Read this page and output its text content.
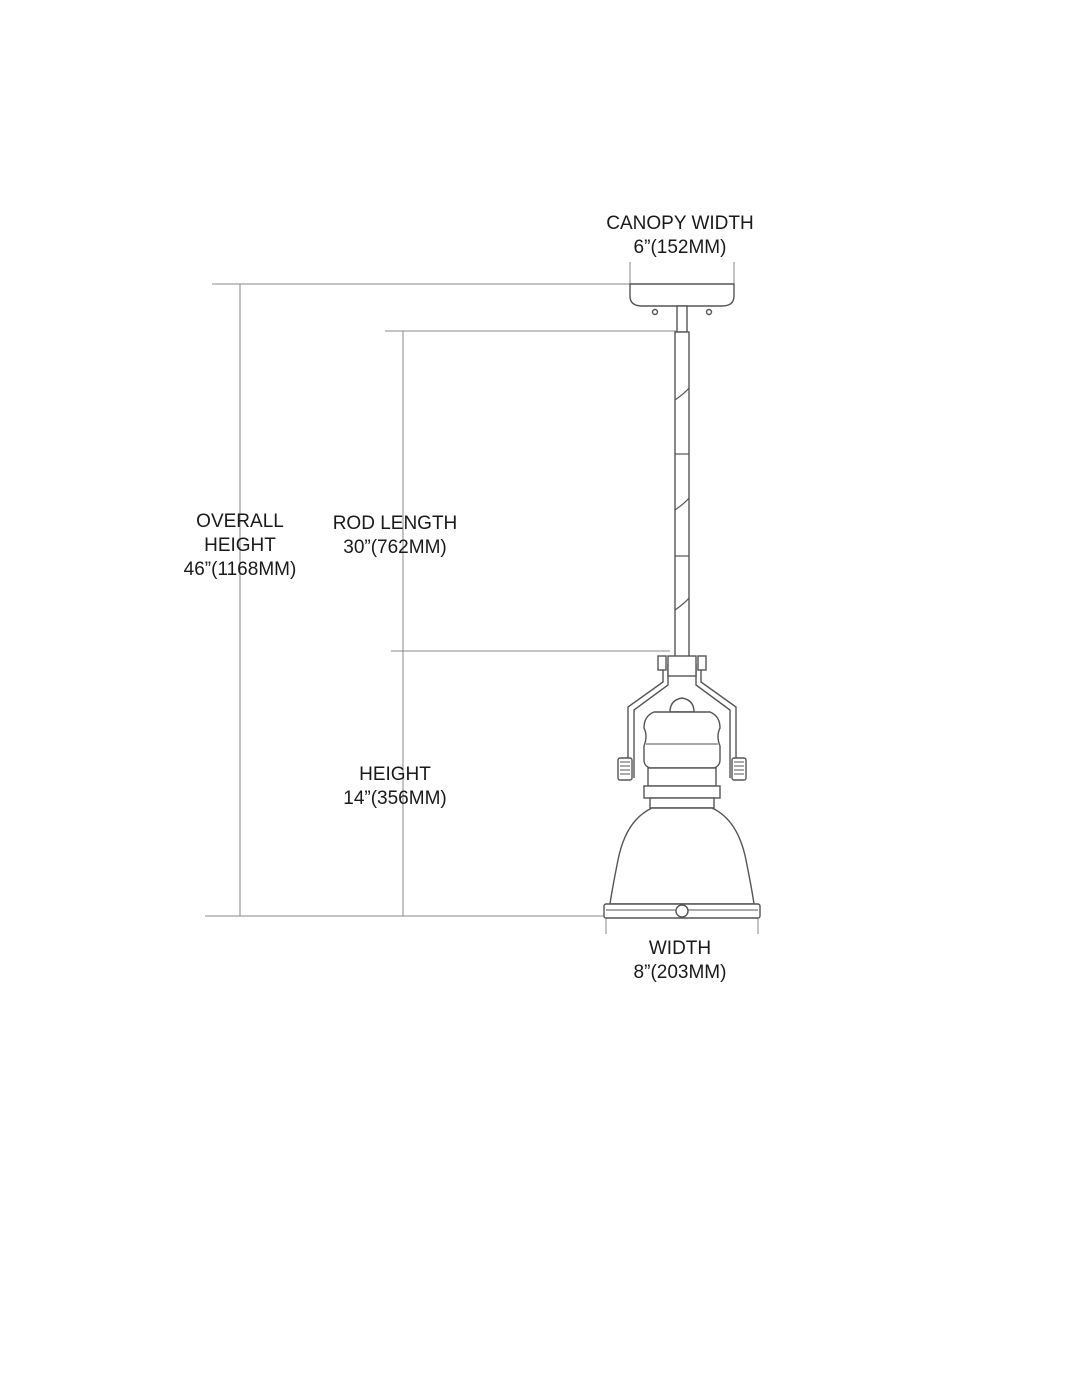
CANOPY WIDTH
6”(152MM)
OVERALL
HEIGHT
46”(1168MM)
ROD LENGTH
30”(762MM)
HEIGHT
14”(356MM)
WIDTH
8”(203MM)
